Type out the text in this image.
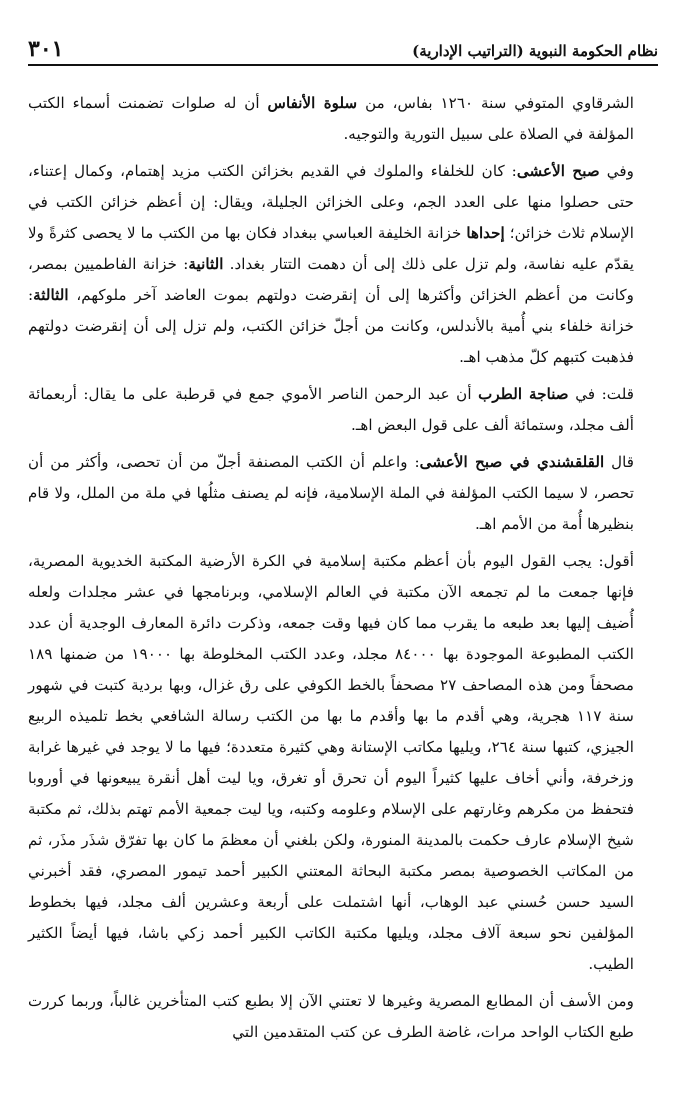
نظام الحكومة النبوية (التراتيب الإدارية)
٣٠١

الشرقاوي المتوفي سنة ١٢٦٠ بفاس، من سلوة الأنفاس أن له صلوات تضمنت أسماء الكتب المؤلفة في الصلاة على سبيل التورية والتوجيه.

وفي صبح الأعشى: كان للخلفاء والملوك في القديم بخزائن الكتب مزيد إهتمام، وكمال إعتناء، حتى حصلوا منها على العدد الجم، وعلى الخزائن الجليلة، ويقال: إن أعظم خزائن الكتب في الإسلام ثلاث خزائن؛ إحداها خزانة الخليفة العباسي ببغداد فكان بها من الكتب ما لا يحصى كثرةً ولا يقدّم عليه نفاسة، ولم تزل على ذلك إلى أن دهمت التتار بغداد. الثانية: خزانة الفاطميين بمصر، وكانت من أعظم الخزائن وأكثرها إلى أن إنقرضت دولتهم بموت العاضد آخر ملوكهم، الثالثة: خزانة خلفاء بني أُمية بالأندلس، وكانت من أجلّ خزائن الكتب، ولم تزل إلى أن إنقرضت دولتهم فذهبت كتبهم كلّ مذهب اهـ.

قلت: في صناجة الطرب أن عبد الرحمن الناصر الأموي جمع في قرطبة على ما يقال: أربعمائة ألف مجلد، وستمائة ألف على قول البعض اهـ.

قال القلقشندي في صبح الأعشى: واعلم أن الكتب المصنفة أجلّ من أن تحصى، وأكثر من أن تحصر، لا سيما الكتب المؤلفة في الملة الإسلامية، فإنه لم يصنف مثلُها في ملة من الملل، ولا قام بنظيرها أُمة من الأمم اهـ.

أقول: يجب القول اليوم بأن أعظم مكتبة إسلامية في الكرة الأرضية المكتبة الخديوية المصرية، فإنها جمعت ما لم تجمعه الآن مكتبة في العالم الإسلامي، وبرنامجها في عشر مجلدات ولعله أُضيف إليها بعد طبعه ما يقرب مما كان فيها وقت جمعه، وذكرت دائرة المعارف الوجدية أن عدد الكتب المطبوعة الموجودة بها ٨٤٠٠٠ مجلد، وعدد الكتب المخلوطة بها ١٩٠٠٠ من ضمنها ١٨٩ مصحفاً ومن هذه المصاحف ٢٧ مصحفاً بالخط الكوفي على رق غزال، وبها بردية كتبت في شهور سنة ١١٧ هجرية، وهي أقدم ما بها وأقدم ما بها من الكتب رسالة الشافعي بخط تلميذه الربيع الجيزي، كتبها سنة ٢٦٤، ويليها مكاتب الإستانة وهي كثيرة متعددة؛ فيها ما لا يوجد في غيرها غرابة وزخرفة، وأني أخاف عليها كثيراً اليوم أن تحرق أو تغرق، ويا ليت أهل أنقرة يبيعونها في أوروبا فتحفظ من مكرهم وغارتهم على الإسلام وعلومه وكتبه، ويا ليت جمعية الأمم تهتم بذلك، ثم مكتبة شيخ الإسلام عارف حكمت بالمدينة المنورة، ولكن بلغني أن معظمَ ما كان بها تفرّق شذَر مذَر، ثم من المكاتب الخصوصية بمصر مكتبة البحاثة المعتني الكبير أحمد تيمور المصري، فقد أخبرني السيد حسن حُسني عبد الوهاب، أنها اشتملت على أربعة وعشرين ألف مجلد، فيها بخطوط المؤلفين نحو سبعة آلاف مجلد، ويليها مكتبة الكاتب الكبير أحمد زكي باشا، فيها أيضاً الكثير الطيب.

ومن الأسف أن المطابع المصرية وغيرها لا تعتني الآن إلا بطبع كتب المتأخرين غالباً، وربما كررت طبع الكتاب الواحد مرات، غاضة الطرف عن كتب المتقدمين التي
